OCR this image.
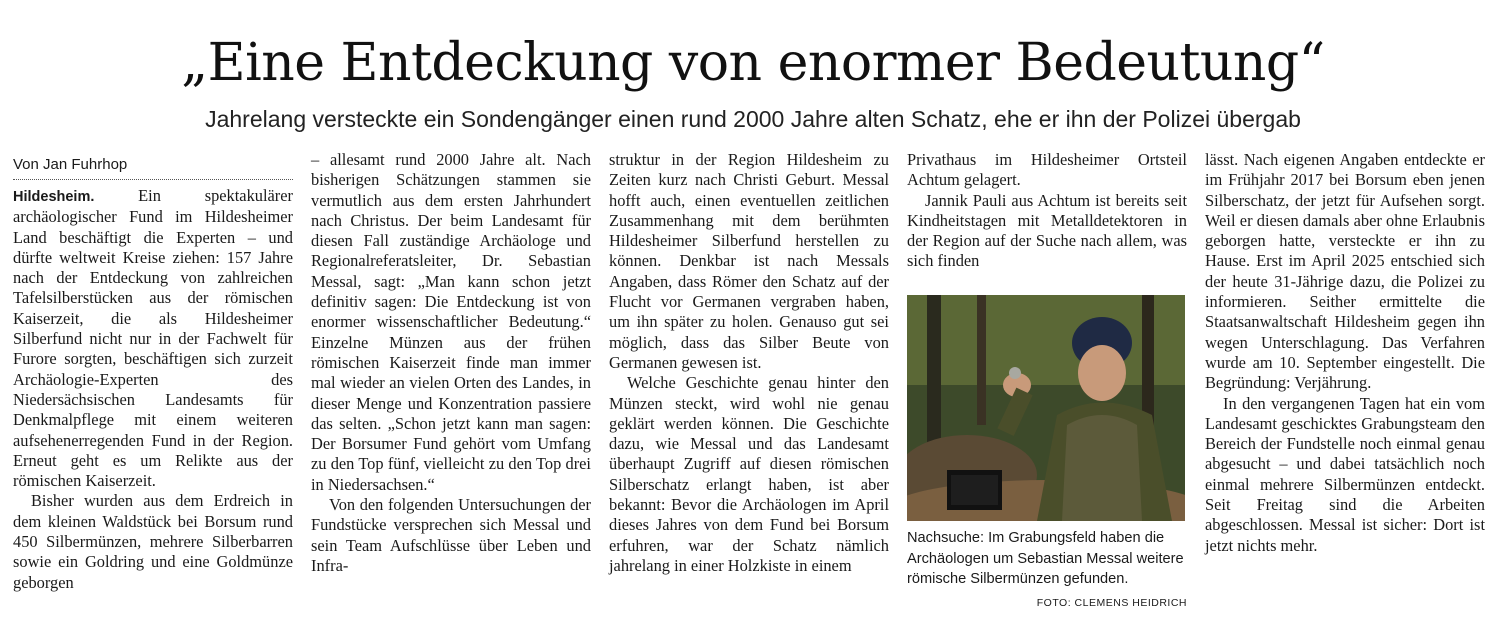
„Eine Entdeckung von enormer Bedeutung“
Jahrelang versteckte ein Sondengänger einen rund 2000 Jahre alten Schatz, ehe er ihn der Polizei übergab
Von Jan Fuhrhop

Hildesheim.	Ein spektakulärer archäologischer Fund im Hildesheimer Land beschäftigt die Experten – und dürfte weltweit Kreise ziehen: 157 Jahre nach der Entdeckung von zahlreichen Tafelsilberstücken aus der römischen Kaiserzeit, die als Hildesheimer Silberfund nicht nur in der Fachwelt für Furore sorgten, beschäftigen sich zurzeit Archäologie-Experten des Niedersächsischen Landesamts für Denkmalpflege mit einem weiteren aufsehenerregenden Fund in der Region. Erneut geht es um Relikte aus der römischen Kaiserzeit.

Bisher wurden aus dem Erdreich in dem kleinen Waldstück bei Borsum rund 450 Silbermünzen, mehrere Silberbarren sowie ein Goldring und eine Goldmünze geborgen

– allesamt rund 2000 Jahre alt. Nach bisherigen Schätzungen stammen sie vermutlich aus dem ersten Jahrhundert nach Christus. Der beim Landesamt für diesen Fall zuständige Archäologe und Regionalreferatsleiter, Dr. Sebastian Messal, sagt: „Man kann schon jetzt definitiv sagen: Die Entdeckung ist von enormer wissenschaftlicher Bedeutung.“ Einzelne Münzen aus der frühen römischen Kaiserzeit finde man immer mal wieder an vielen Orten des Landes, in dieser Menge und Konzentration passiere das selten. „Schon jetzt kann man sagen: Der Borsumer Fund gehört vom Umfang zu den Top fünf, vielleicht zu den Top drei in Niedersachsen.“

Von den folgenden Untersuchungen der Fundstücke versprechen sich Messal und sein Team Aufschlüsse über Leben und Infra-

struktur in der Region Hildesheim zu Zeiten kurz nach Christi Geburt. Messal hofft auch, einen eventuellen zeitlichen Zusammenhang mit dem berühmten Hildesheimer Silberfund herstellen zu können. Denkbar ist nach Messals Angaben, dass Römer den Schatz auf der Flucht vor Germanen vergraben haben, um ihn später zu holen. Genauso gut sei möglich, dass das Silber Beute von Germanen gewesen ist.

Welche Geschichte genau hinter den Münzen steckt, wird wohl nie genau geklärt werden können. Die Geschichte dazu, wie Messal und das Landesamt überhaupt Zugriff auf diesen römischen Silberschatz erlangt haben, ist aber bekannt: Bevor die Archäologen im April dieses Jahres von dem Fund bei Borsum erfuhren, war der Schatz nämlich jahrelang in einer Holzkiste in einem

Privathaus im Hildesheimer Ortsteil Achtum gelagert.

Jannik Pauli aus Achtum ist bereits seit Kindheitstagen mit Metalldetektoren in der Region auf der Suche nach allem, was sich finden

Nachsuche: Im Grabungsfeld haben die Archäologen um Sebastian Messal weitere römische Silbermünzen gefunden.
FOTO: CLEMENS HEIDRICH

lässt. Nach eigenen Angaben entdeckte er im Frühjahr 2017 bei Borsum eben jenen Silberschatz, der jetzt für Aufsehen sorgt. Weil er diesen damals aber ohne Erlaubnis geborgen hatte, versteckte er ihn zu Hause. Erst im April 2025 entschied sich der heute 31-Jährige dazu, die Polizei zu informieren. Seither ermittelte die Staatsanwaltschaft Hildesheim gegen ihn wegen Unterschlagung. Das Verfahren wurde am 10. September eingestellt. Die Begründung: Verjährung.

In den vergangenen Tagen hat ein vom Landesamt geschicktes Grabungsteam den Bereich der Fundstelle noch einmal genau abgesucht – und dabei tatsächlich noch einmal mehrere Silbermünzen entdeckt. Seit Freitag sind die Arbeiten abgeschlossen. Messal ist sicher: Dort ist jetzt nichts mehr.
